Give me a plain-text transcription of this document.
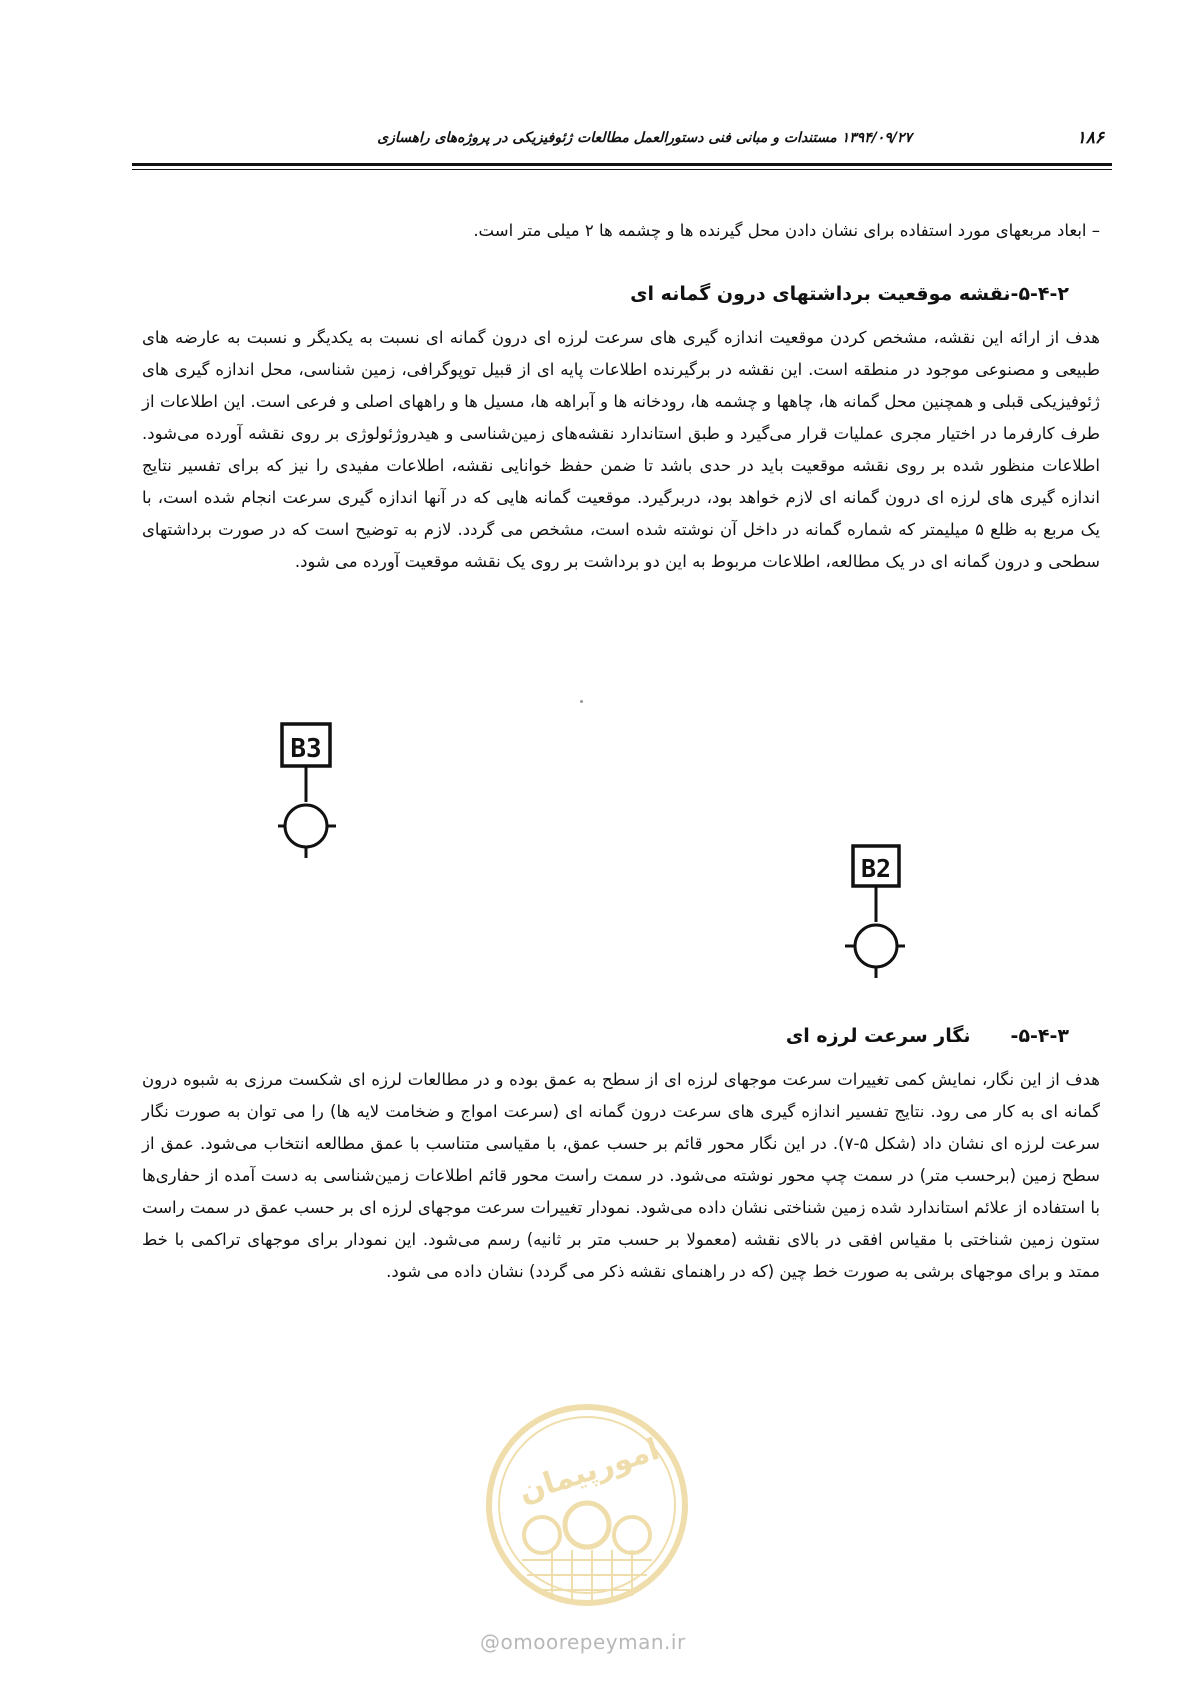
۱۸۶
۱۳۹۴/۰۹/۲۷ مستندات و مبانی فنی دستورالعمل مطالعات ژئوفیزیکی در پروژه‌های راهسازی

– ابعاد مربعهای مورد استفاده برای نشان دادن محل گیرنده ها و چشمه ها ۲ میلی متر است.

۵-۴-۲-نقشه موقعیت برداشتهای درون گمانه ای

هدف از ارائه این نقشه، مشخص کردن موقعیت اندازه گیری های سرعت لرزه ای درون گمانه ای نسبت به یکدیگر و نسبت به عارضه های طبیعی و مصنوعی موجود در منطقه است. این نقشه در برگیرنده اطلاعات پایه ای از قبیل توپوگرافی، زمین شناسی، محل اندازه گیری های ژئوفیزیکی قبلی و همچنین محل گمانه ها، چاهها و چشمه ها، رودخانه ها و آبراهه ها، مسیل ها و راههای اصلی و فرعی است. این اطلاعات از طرف کارفرما در اختیار مجری عملیات قرار می‌گیرد و طبق استاندارد نقشه‌های زمین‌شناسی و هیدروژئولوژی بر روی نقشه آورده می‌شود. اطلاعات منظور شده بر روی نقشه موقعیت باید در حدی باشد تا ضمن حفظ خوانایی نقشه، اطلاعات مفیدی را نیز که برای تفسیر نتایج اندازه گیری های لرزه ای درون گمانه ای لازم خواهد بود، دربرگیرد. موقعیت گمانه هایی که در آنها اندازه گیری سرعت انجام شده است، با یک مربع به ظلع ۵ میلیمتر که شماره گمانه در داخل آن نوشته شده است، مشخص می گردد. لازم به توضیح است که در صورت برداشتهای سطحی و درون گمانه ای در یک مطالعه، اطلاعات مربوط به این دو برداشت بر روی یک نقشه موقعیت آورده می شود.

B3
B2
۵-۴-۳-نگار سرعت لرزه ای

هدف از این نگار، نمایش کمی تغییرات سرعت موجهای لرزه ای از سطح به عمق بوده و در مطالعات لرزه ای شکست مرزی به شبوه درون گمانه ای به کار می رود. نتایج تفسیر اندازه گیری های سرعت درون گمانه ای (سرعت امواج و ضخامت لایه ها) را می توان به صورت نگار سرعت لرزه ای نشان داد (شکل ۵-۷). در این نگار محور قائم بر حسب عمق، با مقیاسی متناسب با عمق مطالعه انتخاب می‌شود. عمق از سطح زمین (برحسب متر) در سمت چپ محور نوشته می‌شود. در سمت راست محور قائم اطلاعات زمین‌شناسی به دست آمده از حفاری‌ها با استفاده از علائم استاندارد شده زمین شناختی نشان داده می‌شود. نمودار تغییرات سرعت موجهای لرزه ای بر حسب عمق در سمت راست ستون زمین شناختی با مقیاس افقی در بالای نقشه (معمولا بر حسب متر بر ثانیه) رسم می‌شود. این نمودار برای موجهای تراکمی با خط ممتد و برای موجهای برشی به صورت خط چین (که در راهنمای نقشه ذکر می گردد) نشان داده می شود.

امورپیمان
@omoorepeyman.ir
